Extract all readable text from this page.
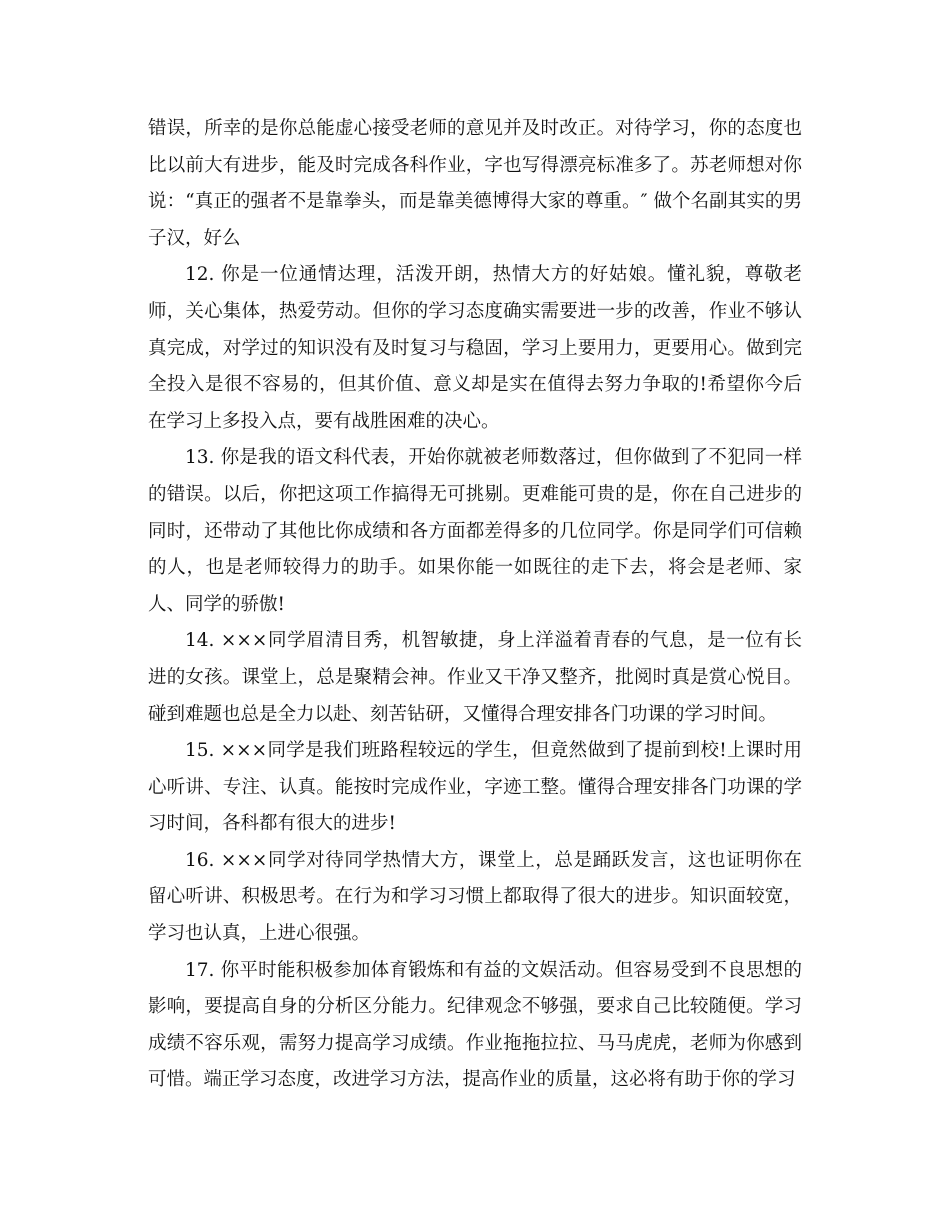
错误，所幸的是你总能虚心接受老师的意见并及时改正。对待学习，你的态度也比以前大有进步，能及时完成各科作业，字也写得漂亮标准多了。苏老师想对你说：“真正的强者不是靠拳头，而是靠美德博得大家的尊重。″ 做个名副其实的男子汉，好么

12. 你是一位通情达理，活泼开朗，热情大方的好姑娘。懂礼貌，尊敬老师，关心集体，热爱劳动。但你的学习态度确实需要进一步的改善，作业不够认真完成，对学过的知识没有及时复习与稳固，学习上要用力，更要用心。做到完全投入是很不容易的，但其价值、意义却是实在值得去努力争取的!希望你今后在学习上多投入点，要有战胜困难的决心。

13. 你是我的语文科代表，开始你就被老师数落过，但你做到了不犯同一样的错误。以后，你把这项工作搞得无可挑剔。更难能可贵的是，你在自己进步的同时，还带动了其他比你成绩和各方面都差得多的几位同学。你是同学们可信赖的人，也是老师较得力的助手。如果你能一如既往的走下去，将会是老师、家人、同学的骄傲!

14. ×××同学眉清目秀，机智敏捷，身上洋溢着青春的气息，是一位有长进的女孩。课堂上，总是聚精会神。作业又干净又整齐，批阅时真是赏心悦目。碰到难题也总是全力以赴、刻苦钻研，又懂得合理安排各门功课的学习时间。

15. ×××同学是我们班路程较远的学生，但竟然做到了提前到校!上课时用心听讲、专注、认真。能按时完成作业，字迹工整。懂得合理安排各门功课的学习时间，各科都有很大的进步!

16. ×××同学对待同学热情大方，课堂上，总是踊跃发言，这也证明你在留心听讲、积极思考。在行为和学习习惯上都取得了很大的进步。知识面较宽，学习也认真，上进心很强。

17. 你平时能积极参加体育锻炼和有益的文娱活动。但容易受到不良思想的影响，要提高自身的分析区分能力。纪律观念不够强，要求自己比较随便。学习成绩不容乐观，需努力提高学习成绩。作业拖拖拉拉、马马虎虎，老师为你感到可惜。端正学习态度，改进学习方法，提高作业的质量，这必将有助于你的学习
